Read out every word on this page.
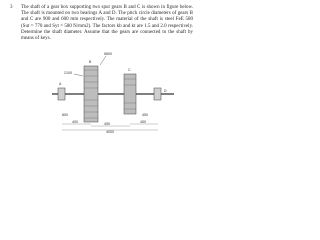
3 The shaft of a gear box supporting two spur gears B and C is shown in figure below. The shaft is mounted on two bearings A and D. The pitch circle diameters of gears B and C are 900 and 600 mm respectively. The material of the shaft is steel FeE 580 (Sut = 770 and Syt = 580 N/mm2). The factors kb and kt are 1.5 and 2.0 respectively. Determine the shaft diameter. Assume that the gears are connected to the shaft by means of keys.
A
B
C
D
5800
2100
800
400	450	450
450
4000
